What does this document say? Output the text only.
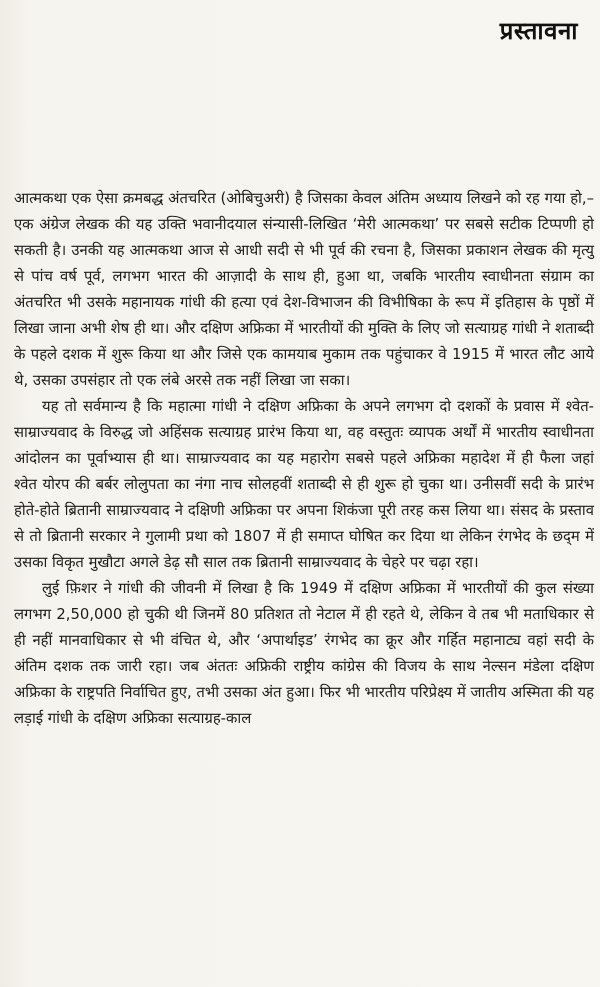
प्रस्तावना

आत्मकथा एक ऐसा क्रमबद्ध अंतचरित (ओबिचुअरी) है जिसका केवल अंतिम अध्याय लिखने को रह गया हो,–एक अंग्रेज लेखक की यह उक्ति भवानीदयाल संन्यासी-लिखित ‘मेरी आत्मकथा’ पर सबसे सटीक टिप्पणी हो सकती है। उनकी यह आत्मकथा आज से आधी सदी से भी पूर्व की रचना है, जिसका प्रकाशन लेखक की मृत्यु से पांच वर्ष पूर्व, लगभग भारत की आज़ादी के साथ ही, हुआ था, जबकि भारतीय स्वाधीनता संग्राम का अंतचरित भी उसके महानायक गांधी की हत्या एवं देश-विभाजन की विभीषिका के रूप में इतिहास के पृष्ठों में लिखा जाना अभी शेष ही था। और दक्षिण अफ्रिका में भारतीयों की मुक्ति के लिए जो सत्याग्रह गांधी ने शताब्दी के पहले दशक में शुरू किया था और जिसे एक कामयाब मुकाम तक पहुंचाकर वे 1915 में भारत लौट आये थे, उसका उपसंहार तो एक लंबे अरसे तक नहीं लिखा जा सका।

यह तो सर्वमान्य है कि महात्मा गांधी ने दक्षिण अफ्रिका के अपने लगभग दो दशकों के प्रवास में श्वेत-साम्राज्यवाद के विरुद्ध जो अहिंसक सत्याग्रह प्रारंभ किया था, वह वस्तुतः व्यापक अर्थों में भारतीय स्वाधीनता आंदोलन का पूर्वाभ्यास ही था। साम्राज्यवाद का यह महारोग सबसे पहले अफ्रिका महादेश में ही फैला जहां श्वेत योरप की बर्बर लोलुपता का नंगा नाच सोलहवीं शताब्दी से ही शुरू हो चुका था। उनीसवीं सदी के प्रारंभ होते-होते ब्रितानी साम्राज्यवाद ने दक्षिणी अफ्रिका पर अपना शिकंजा पूरी तरह कस लिया था। संसद के प्रस्ताव से तो ब्रितानी सरकार ने गुलामी प्रथा को 1807 में ही समाप्त घोषित कर दिया था लेकिन रंगभेद के छद्‌म में उसका विकृत मुखौटा अगले डेढ़ सौ साल तक ब्रितानी साम्राज्यवाद के चेहरे पर चढ़ा रहा।

लुई फ़िशर ने गांधी की जीवनी में लिखा है कि 1949 में दक्षिण अफ्रिका में भारतीयों की कुल संख्या लगभग 2,50,000 हो चुकी थी जिनमें 80 प्रतिशत तो नेटाल में ही रहते थे, लेकिन वे तब भी मताधिकार से ही नहीं मानवाधिकार से भी वंचित थे, और ‘अपार्थाइड’ रंगभेद का क्रूर और गर्हित महानाट्य वहां सदी के अंतिम दशक तक जारी रहा। जब अंततः अफ्रिकी राष्ट्रीय कांग्रेस की विजय के साथ नेल्सन मंडेला दक्षिण अफ्रिका के राष्ट्रपति निर्वाचित हुए, तभी उसका अंत हुआ। फिर भी भारतीय परिप्रेक्ष्य में जातीय अस्मिता की यह लड़ाई गांधी के दक्षिण अफ्रिका सत्याग्रह-काल
